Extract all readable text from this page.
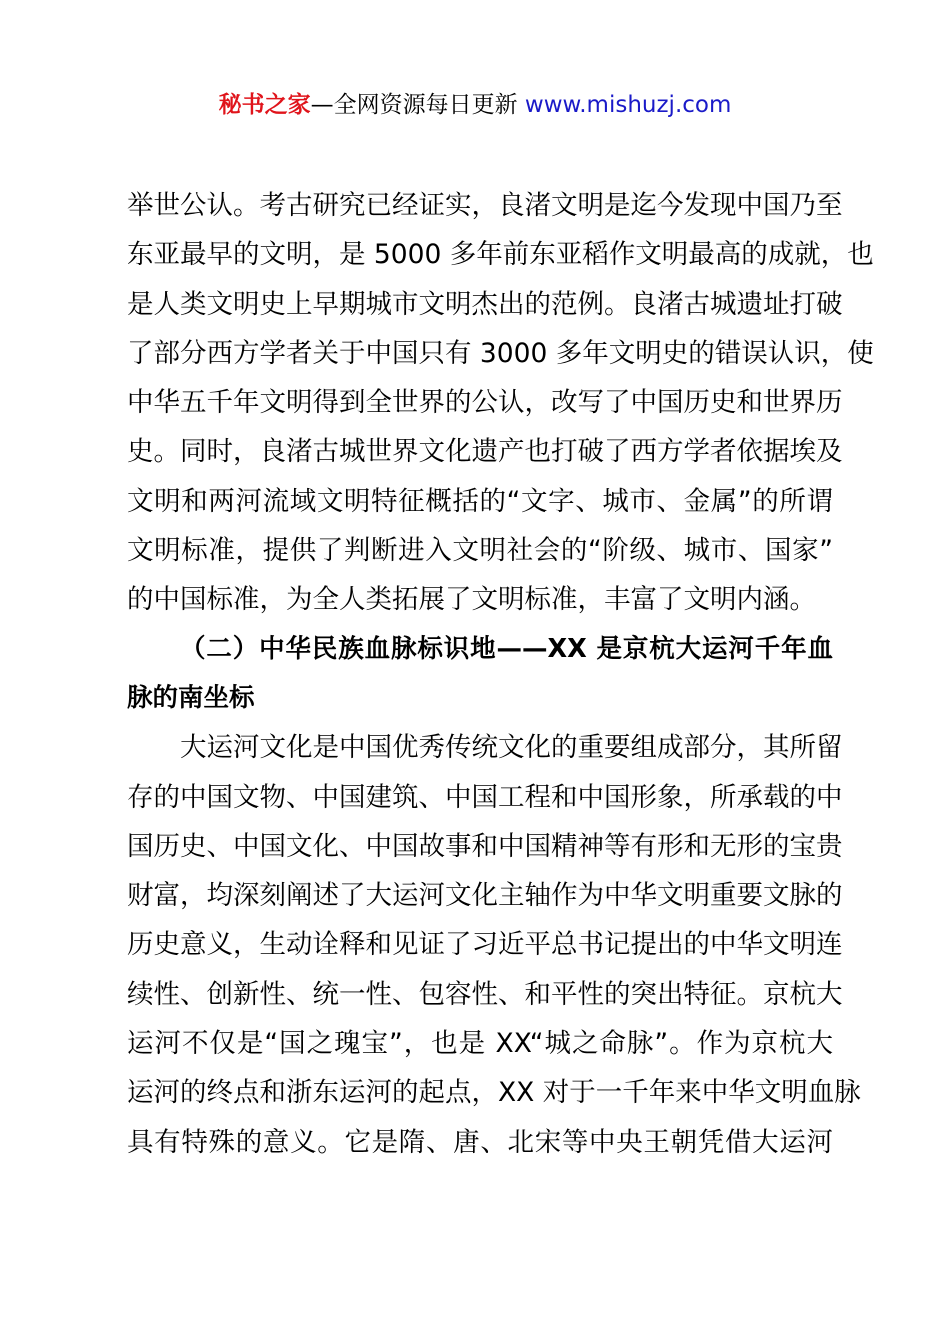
秘书之家—全网资源每日更新 www.mishuzj.com
举世公认。考古研究已经证实，良渚文明是迄今发现中国乃至
东亚最早的文明，是 5000 多年前东亚稻作文明最高的成就，也
是人类文明史上早期城市文明杰出的范例。良渚古城遗址打破
了部分西方学者关于中国只有 3000 多年文明史的错误认识，使
中华五千年文明得到全世界的公认，改写了中国历史和世界历
史。同时，良渚古城世界文化遗产也打破了西方学者依据埃及
文明和两河流域文明特征概括的“文字、城市、金属”的所谓
文明标准，提供了判断进入文明社会的“阶级、城市、国家”
的中国标准，为全人类拓展了文明标准，丰富了文明内涵。
（二）中华民族血脉标识地——XX 是京杭大运河千年血
脉的南坐标
大运河文化是中国优秀传统文化的重要组成部分，其所留
存的中国文物、中国建筑、中国工程和中国形象，所承载的中
国历史、中国文化、中国故事和中国精神等有形和无形的宝贵
财富，均深刻阐述了大运河文化主轴作为中华文明重要文脉的
历史意义，生动诠释和见证了习近平总书记提出的中华文明连
续性、创新性、统一性、包容性、和平性的突出特征。京杭大
运河不仅是“国之瑰宝”，也是 XX“城之命脉”。作为京杭大
运河的终点和浙东运河的起点，XX 对于一千年来中华文明血脉
具有特殊的意义。它是隋、唐、北宋等中央王朝凭借大运河
